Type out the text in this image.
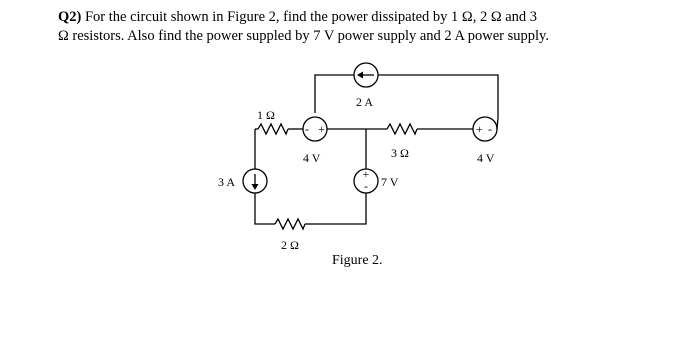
Q2) For the circuit shown in Figure 2, find the power dissipated by 1 Ω, 2 Ω and 3
Ω resistors. Also find the power suppled by 7 V power supply and 2 A power supply.
2 A
3 A
1 Ω
- +
4 V
+
- 7 V
3 Ω
+ -
4 V
2 Ω
Figure 2.
